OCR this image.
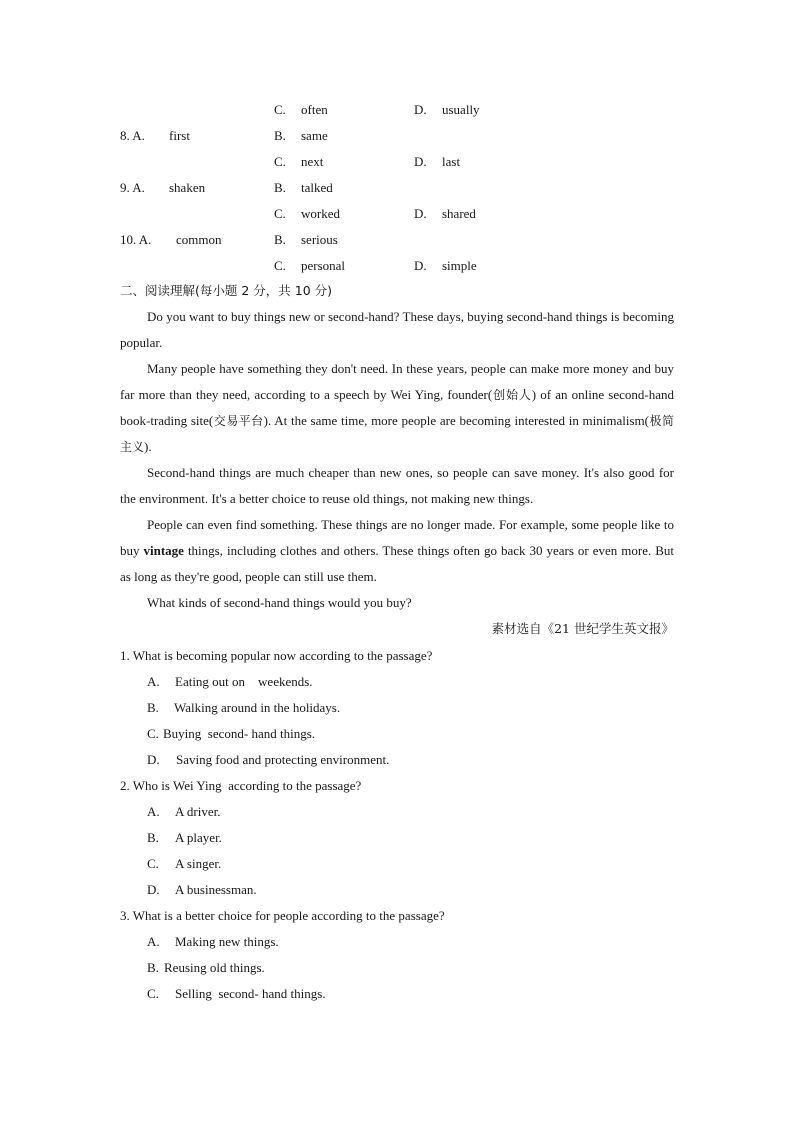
C. often	D. usually
8. A. first	B. same
C. next	D. last
9. A. shaken	B. talked
C. worked	D. shared
10. A. common	B. serious
C. personal	D. simple
二、阅读理解(每小题 2 分，共 10 分)
Do you want to buy things new or second-hand? These days, buying second-hand things is becoming popular.
Many people have something they don't need. In these years, people can make more money and buy far more than they need, according to a speech by Wei Ying, founder(创始人) of an online second-hand book-trading site(交易平台). At the same time, more people are becoming interested in minimalism(极简主义).
Second-hand things are much cheaper than new ones, so people can save money. It's also good for the environment. It's a better choice to reuse old things, not making new things.
People can even find something. These things are no longer made. For example, some people like to buy vintage things, including clothes and others. These things often go back 30 years or even more. But as long as they're good, people can still use them.
What kinds of second-hand things would you buy?
素材选自《21 世纪学生英文报》
1. What is becoming popular now according to the passage?
A. Eating out on    weekends.
B. Walking around in the holidays.
C. Buying  second- hand things.
D. Saving food and protecting environment.
2. Who is Wei Ying  according to the passage?
A. A driver.
B. A player.
C. A singer.
D. A businessman.
3. What is a better choice for people according to the passage?
A. Making new things.
B. Reusing old things.
C. Selling  second- hand things.
